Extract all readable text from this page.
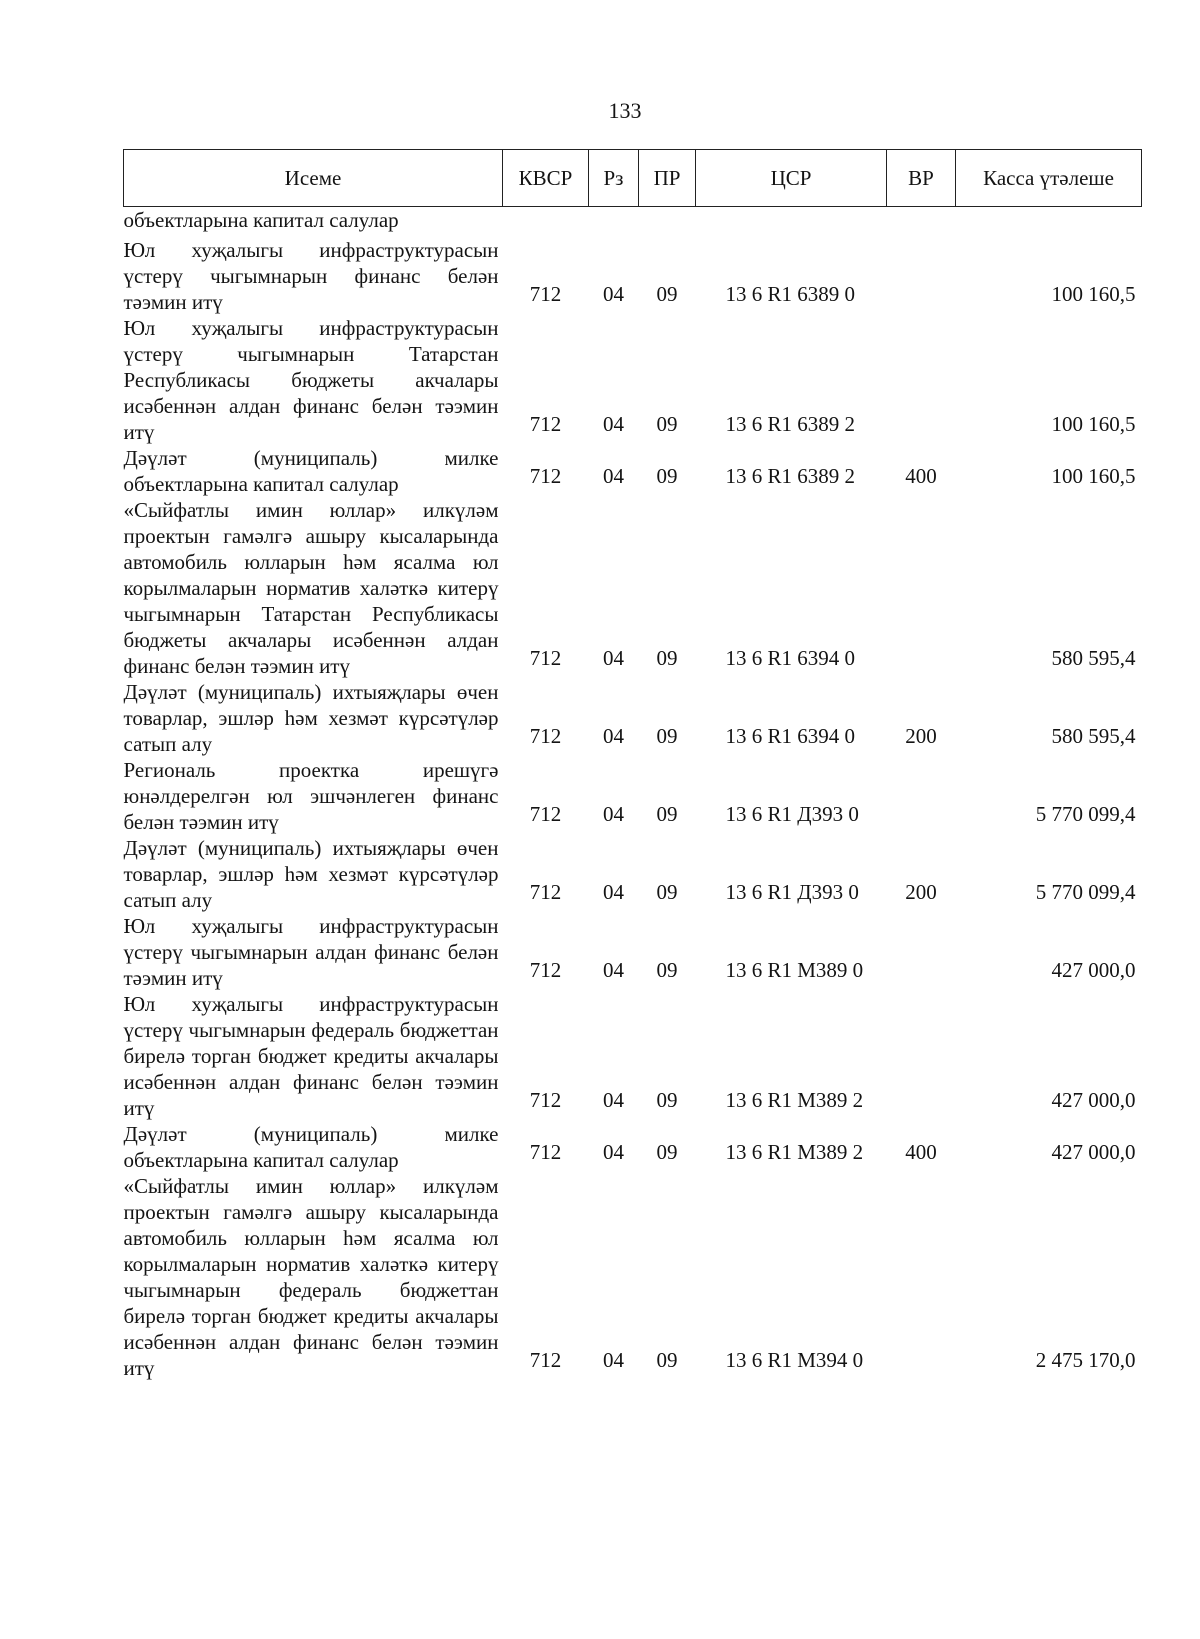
133
Исеме	КВСР	Рз	ПР	ЦСР	ВР	Касса үтәлеше
объектларына капитал салулар						
Юл хуҗалыгы инфраструктурасын үстерү чыгымнарын финанс белән тәэмин итү	712	04	09	13 6 R1 6389 0		100 160,5
Юл хуҗалыгы инфраструктурасын үстерү чыгымнарын Татарстан Республикасы бюджеты акчалары исәбеннән алдан финанс белән тәэмин итү	712	04	09	13 6 R1 6389 2		100 160,5
Дәүләт (муниципаль) милке объектларына капитал салулар	712	04	09	13 6 R1 6389 2	400	100 160,5
«Сыйфатлы имин юллар» илкүләм проектын гамәлгә ашыру кысаларында автомобиль юлларын һәм ясалма юл корылмаларын норматив халәткә китерү чыгымнарын Татарстан Республикасы бюджеты акчалары исәбеннән алдан финанс белән тәэмин итү	712	04	09	13 6 R1 6394 0		580 595,4
Дәүләт (муниципаль) ихтыяҗлары өчен товарлар, эшләр һәм хезмәт күрсәтүләр сатып алу	712	04	09	13 6 R1 6394 0	200	580 595,4
Региональ проектка ирешүгә юнәлдерелгән юл эшчәнлеген финанс белән тәэмин итү	712	04	09	13 6 R1 Д393 0		5 770 099,4
Дәүләт (муниципаль) ихтыяҗлары өчен товарлар, эшләр һәм хезмәт күрсәтүләр сатып алу	712	04	09	13 6 R1 Д393 0	200	5 770 099,4
Юл хуҗалыгы инфраструктурасын үстерү чыгымнарын алдан финанс белән тәэмин итү	712	04	09	13 6 R1 M389 0		427 000,0
Юл хуҗалыгы инфраструктурасын үстерү чыгымнарын федераль бюджеттан бирелә торган бюджет кредиты акчалары исәбеннән алдан финанс белән тәэмин итү	712	04	09	13 6 R1 M389 2		427 000,0
Дәүләт (муниципаль) милке объектларына капитал салулар	712	04	09	13 6 R1 M389 2	400	427 000,0
«Сыйфатлы имин юллар» илкүләм проектын гамәлгә ашыру кысаларында автомобиль юлларын һәм ясалма юл корылмаларын норматив халәткә китерү чыгымнарын федераль бюджеттан бирелә торган бюджет кредиты акчалары исәбеннән алдан финанс белән тәэмин итү	712	04	09	13 6 R1 M394 0		2 475 170,0
